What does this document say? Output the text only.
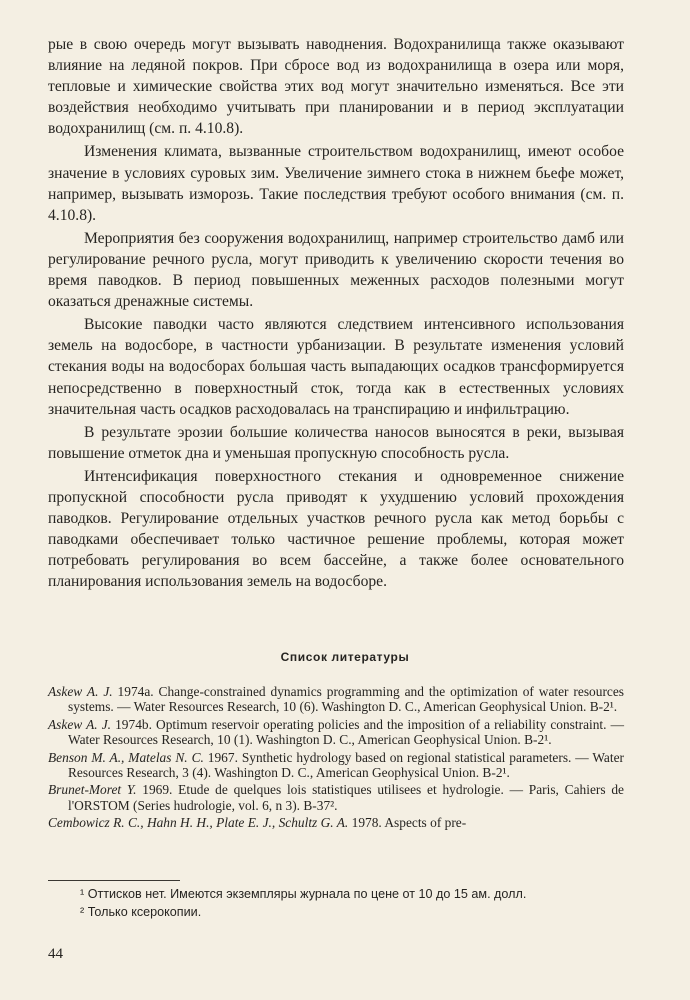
рые в свою очередь могут вызывать наводнения. Водохранилища также оказывают влияние на ледяной покров. При сбросе вод из водохранилища в озера или моря, тепловые и химические свойства этих вод могут значительно изменяться. Все эти воздействия необходимо учитывать при планировании и в период эксплуатации водохранилищ (см. п. 4.10.8).

Изменения климата, вызванные строительством водохранилищ, имеют особое значение в условиях суровых зим. Увеличение зимнего стока в нижнем бьефе может, например, вызывать изморозь. Такие последствия требуют особого внимания (см. п. 4.10.8).

Мероприятия без сооружения водохранилищ, например строительство дамб или регулирование речного русла, могут приводить к увеличению скорости течения во время паводков. В период повышенных меженных расходов полезными могут оказаться дренажные системы.

Высокие паводки часто являются следствием интенсивного использования земель на водосборе, в частности урбанизации. В результате изменения условий стекания воды на водосборах большая часть выпадающих осадков трансформируется непосредственно в поверхностный сток, тогда как в естественных условиях значительная часть осадков расходовалась на транспирацию и инфильтрацию.

В результате эрозии большие количества наносов выносятся в реки, вызывая повышение отметок дна и уменьшая пропускную способность русла.

Интенсификация поверхностного стекания и одновременное снижение пропускной способности русла приводят к ухудшению условий прохождения паводков. Регулирование отдельных участков речного русла как метод борьбы с паводками обеспечивает только частичное решение проблемы, которая может потребовать регулирования во всем бассейне, а также более основательного планирования использования земель на водосборе.

Список литературы

Askew A. J. 1974a. Change-constrained dynamics programming and the optimization of water resources systems. — Water Resources Research, 10 (6). Washington D. C., American Geophysical Union. B-2¹.

Askew A. J. 1974b. Optimum reservoir operating policies and the imposition of a reliability constraint. — Water Resources Research, 10 (1). Washington D. C., American Geophysical Union. B-2¹.

Benson M. A., Matelas N. C. 1967. Synthetic hydrology based on regional statistical parameters. — Water Resources Research, 3 (4). Washington D. C., American Geophysical Union. B-2¹.

Brunet-Moret Y. 1969. Etude de quelques lois statistiques utilisees et hydrologie. — Paris, Cahiers de l'ORSTOM (Series hudrologie, vol. 6, n 3). B-37².

Cembowicz R. C., Hahn H. H., Plate E. J., Schultz G. A. 1978. Aspects of pre-

¹ Оттисков нет. Имеются экземпляры журнала по цене от 10 до 15 ам. долл.

² Только ксерокопии.

44
